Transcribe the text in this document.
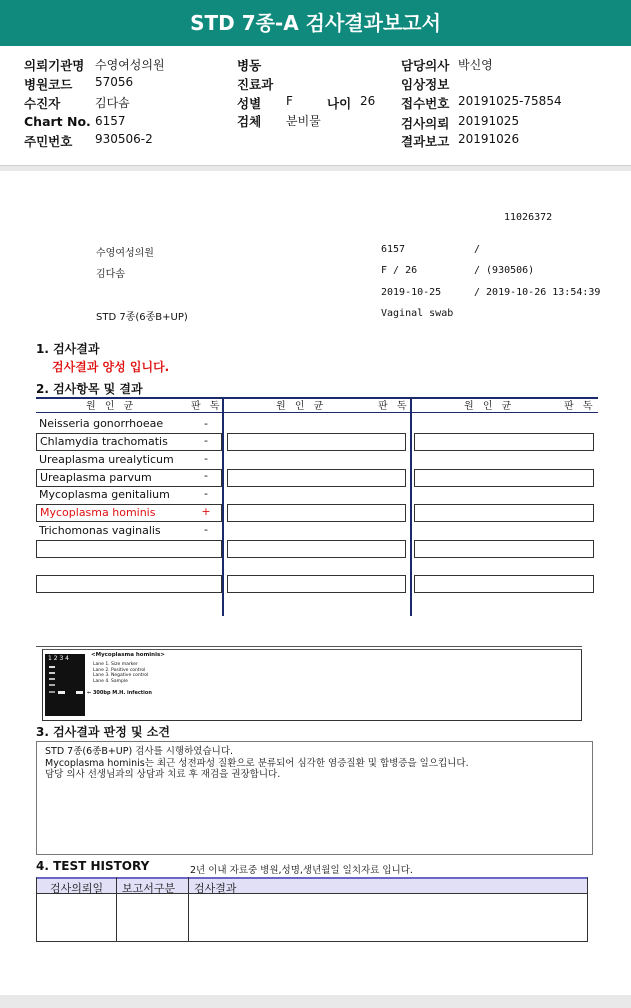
STD 7종-A 검사결과보고서
의뢰기관명 수영여성의원
병원코드 57056
수진자	김다솜
Chart No. 6157
주민번호 930506-2
병동
진료과
성별 F	나이 26
검체 분비물
담당의사 박신영
임상정보
접수번호 20191025-75854
검사의뢰 20191025
결과보고 20191026
11026372
수영여성의원	6157	/
김다솜	F / 26	/ (930506)
2019-10-25	/ 2019-10-26 13:54:39
STD 7종(6종B+UP)	Vaginal swab
1. 검사결과
검사결과 양성 입니다.
2. 검사항목 및 결과
원 인 균	판 독	원 인 균	판 독	원 인 균	판 독
Neisseria gonorrhoeae	-
Chlamydia trachomatis	-
Ureaplasma urealyticum	-
Ureaplasma parvum	-
Mycoplasma genitalium	-
Mycoplasma hominis	+
Trichomonas vaginalis	-
1 2 3 4	<Mycoplasma hominis>
Lane 1. Size marker
Lane 2. Positive control
Lane 3. Negative control
Lane 4. Sample
← 300bp M.H. infection
3. 검사결과 판정 및 소견
STD 7종(6종B+UP) 검사를 시행하였습니다.
Mycoplasma hominis는 최근 성전파성 질환으로 분류되어 심각한 염증질환 및 합병증을 일으킵니다.
담당 의사 선생님과의 상담과 치료 후 재검을 권장합니다.
4. TEST HISTORY	2년 이내 자료중 병원,성명,생년월일 일치자료 입니다.
검사의뢰일 보고서구분 검사결과
